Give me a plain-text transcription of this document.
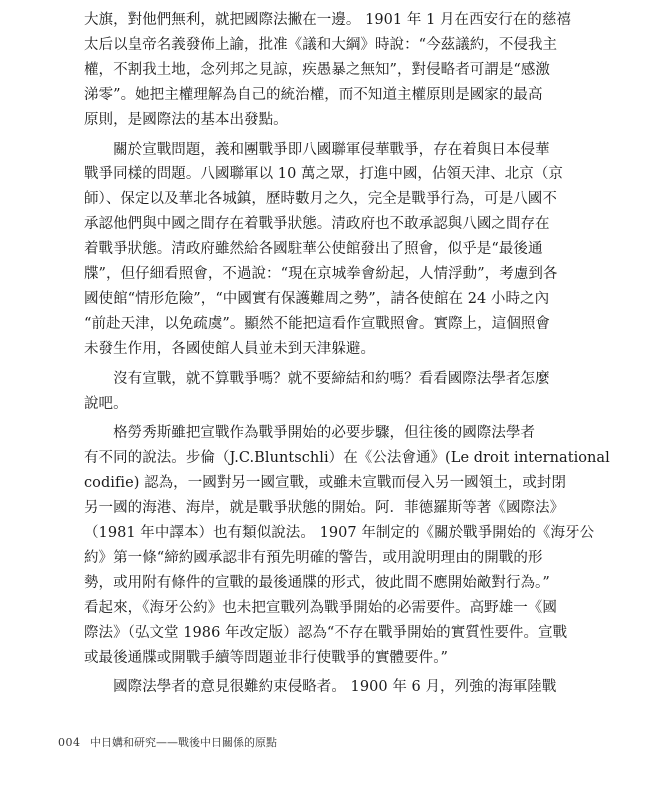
大旗，對他們無利，就把國際法撇在一邊。 1901 年 1 月在西安行在的慈禧

太后以皇帝名義發佈上諭，批准《議和大綱》時說：“今茲議約，不侵我主

權，不割我土地，念列邦之見諒，疾愚暴之無知”，對侵略者可謂是“感激

涕零”。她把主權理解為自己的統治權，而不知道主權原則是國家的最高

原則，是國際法的基本出發點。

　　關於宣戰問題，義和團戰爭即八國聯軍侵華戰爭，存在着與日本侵華

戰爭同樣的問題。八國聯軍以 10 萬之眾，打進中國，佔領天津、北京（京

師）、保定以及華北各城鎮，歷時數月之久，完全是戰爭行為，可是八國不

承認他們與中國之間存在着戰爭狀態。清政府也不敢承認與八國之間存在

着戰爭狀態。清政府雖然給各國駐華公使館發出了照會，似乎是“最後通

牒”，但仔細看照會，不過說：“現在京城拳會紛起，人情浮動”，考慮到各

國使館“情形危險”，“中國實有保護難周之勢”，請各使館在 24 小時之內

“前赴天津，以免疏虞”。顯然不能把這看作宣戰照會。實際上，這個照會

未發生作用，各國使館人員並未到天津躲避。

　　沒有宣戰，就不算戰爭嗎？就不要締結和約嗎？看看國際法學者怎麼

說吧。

　　格勞秀斯雖把宣戰作為戰爭開始的必要步驟，但往後的國際法學者

有不同的說法。步倫（J.C.Bluntschli）在《公法會通》(Le droit international

codifie) 認為，一國對另一國宣戰，或雖未宣戰而侵入另一國領土，或封閉

另一國的海港、海岸，就是戰爭狀態的開始。阿．菲德羅斯等著《國際法》

（1981 年中譯本）也有類似說法。 1907 年制定的《關於戰爭開始的《海牙公

約》第一條“締約國承認非有預先明確的警告，或用說明理由的開戰的形

勢，或用附有條件的宣戰的最後通牒的形式，彼此間不應開始敵對行為。”

看起來，《海牙公約》也未把宣戰列為戰爭開始的必需要件。高野雄一《國

際法》（弘文堂 1986 年改定版）認為“不存在戰爭開始的實質性要件。宣戰

或最後通牒或開戰手續等問題並非行使戰爭的實體要件。”

　　國際法學者的意見很難約束侵略者。 1900 年 6 月，列強的海軍陸戰

004 中日媾和研究——戰後中日關係的原點
